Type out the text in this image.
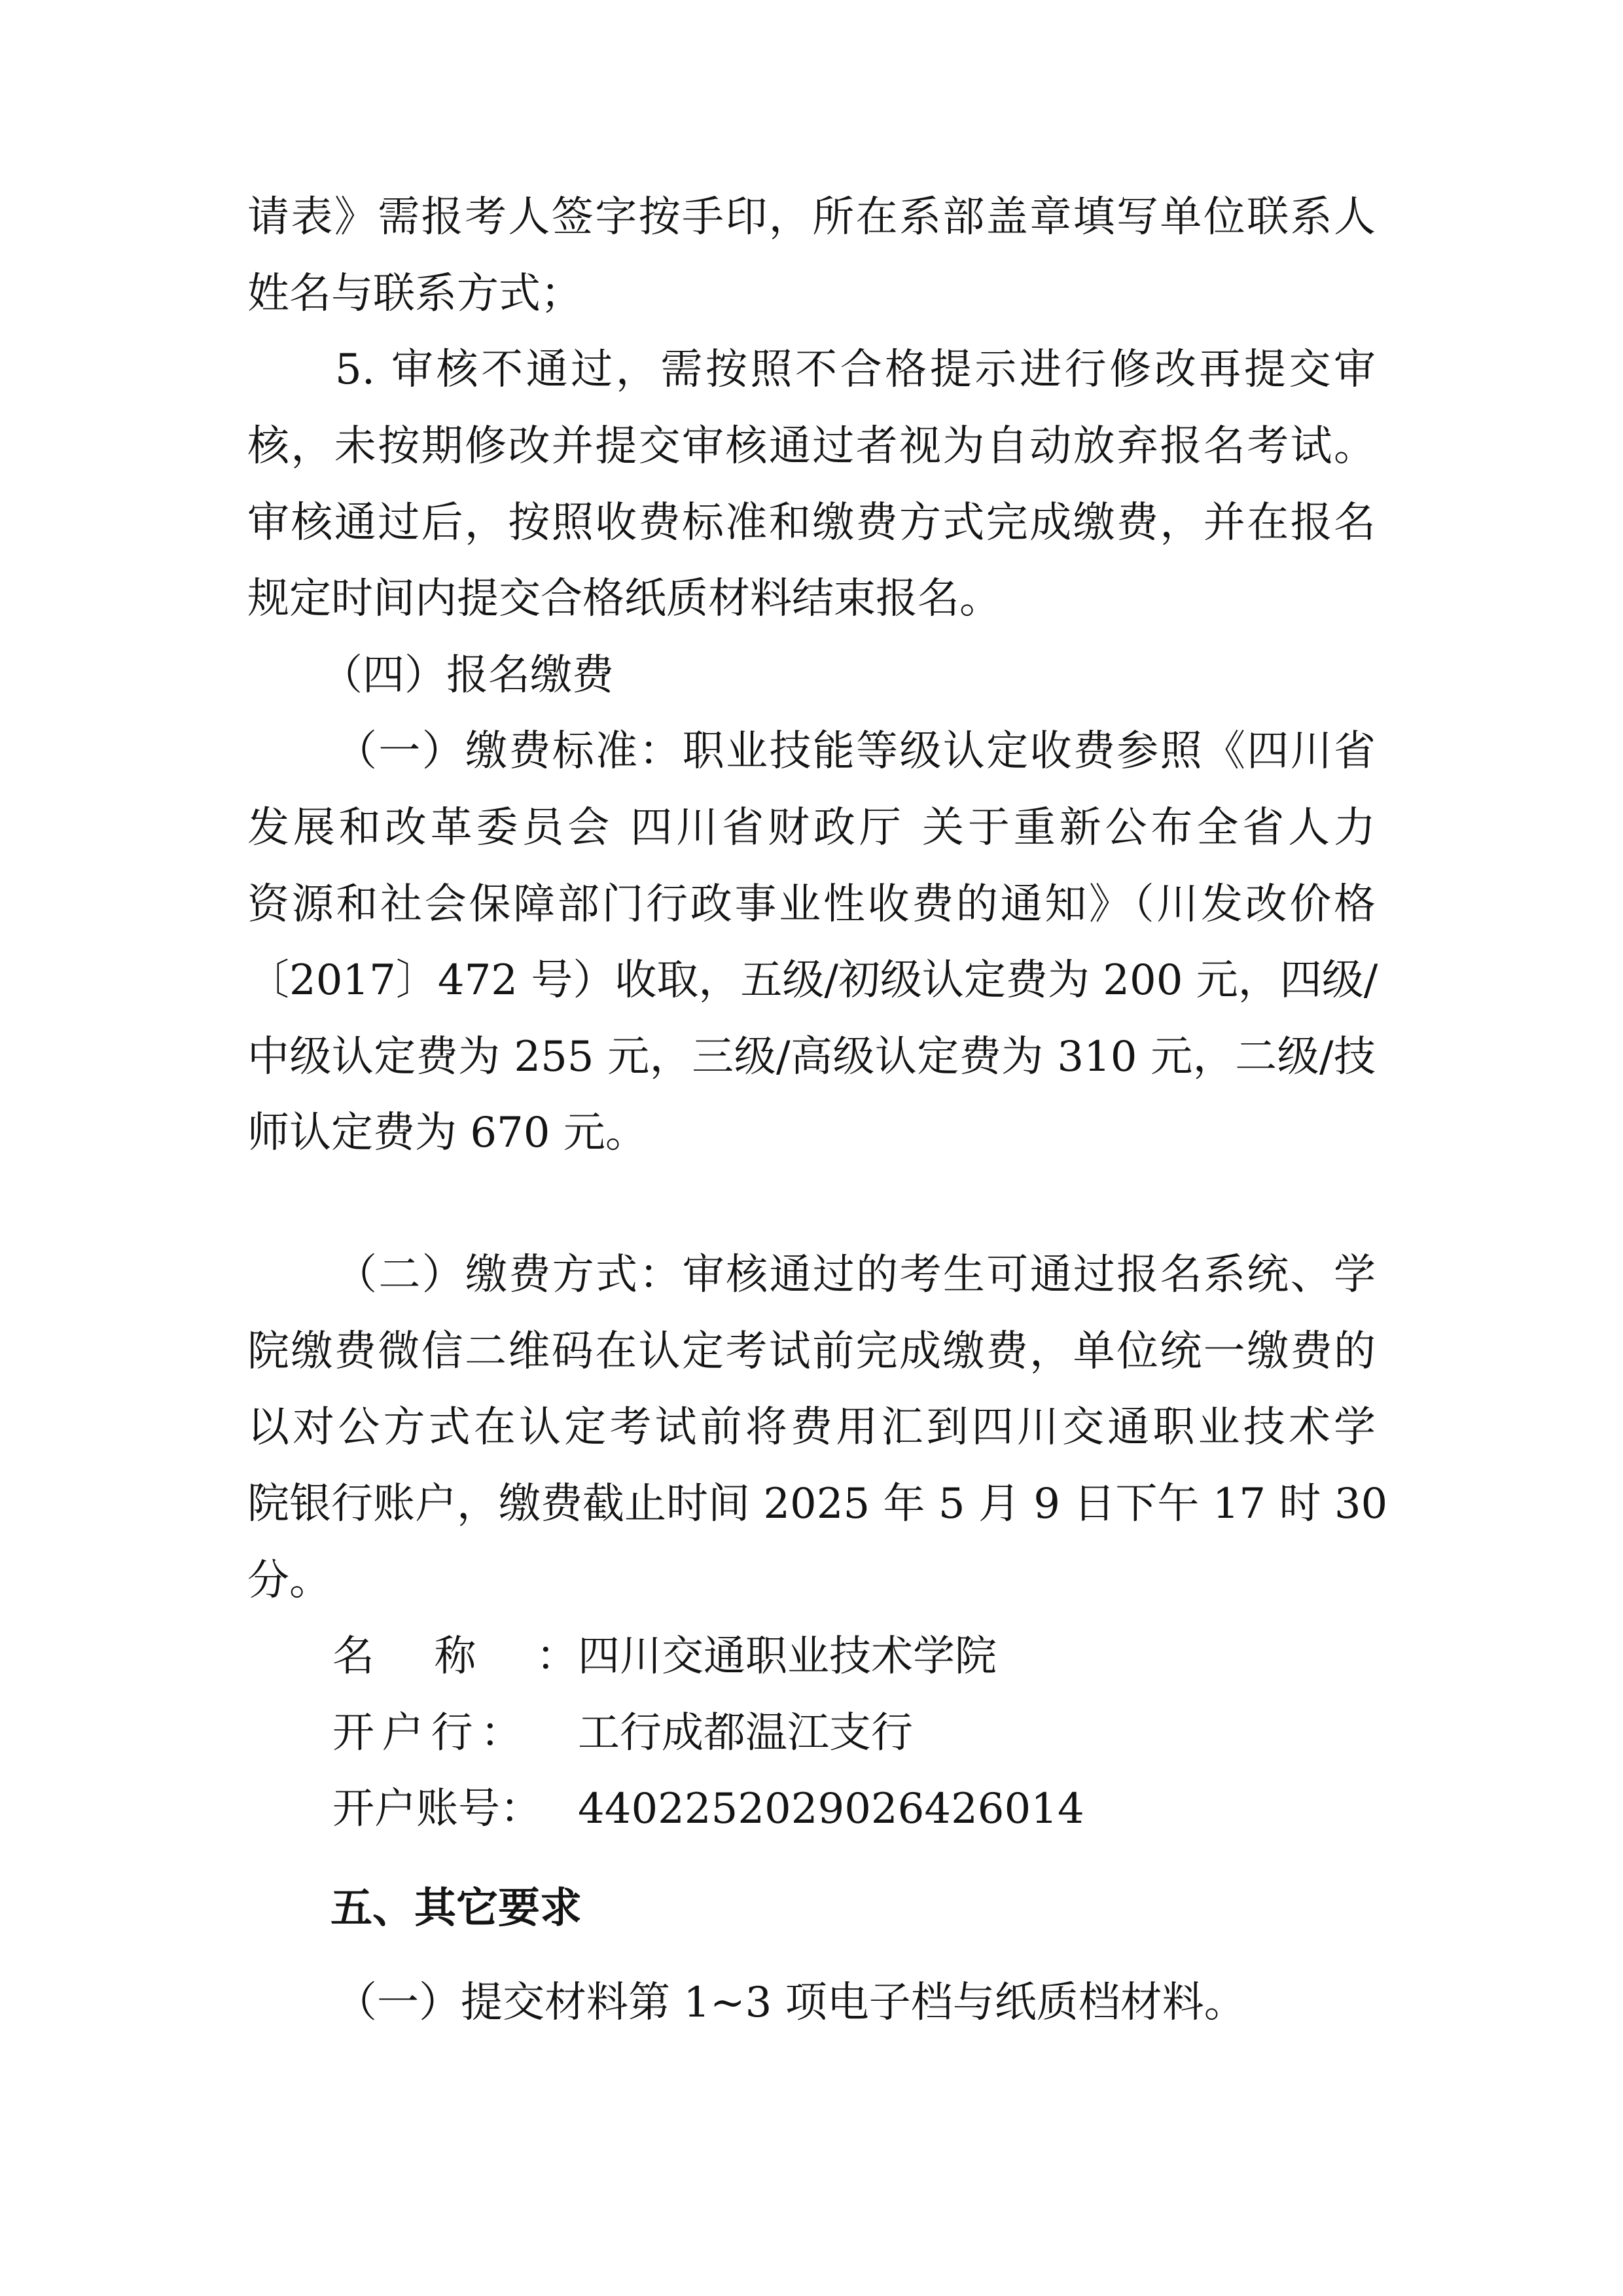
请表》需报考人签字按手印，所在系部盖章填写单位联系人

姓名与联系方式；

5. 审核不通过，需按照不合格提示进行修改再提交审

核，未按期修改并提交审核通过者视为自动放弃报名考试。

审核通过后，按照收费标准和缴费方式完成缴费，并在报名

规定时间内提交合格纸质材料结束报名。

（四）报名缴费

（一）缴费标准：职业技能等级认定收费参照《四川省

发展和改革委员会 四川省财政厅 关于重新公布全省人力

资源和社会保障部门行政事业性收费的通知》（川发改价格

〔2017〕472 号）收取，五级/初级认定费为 200 元，四级/

中级认定费为 255 元，三级/高级认定费为 310 元，二级/技

师认定费为 670 元。

（二）缴费方式：审核通过的考生可通过报名系统、学

院缴费微信二维码在认定考试前完成缴费，单位统一缴费的

以对公方式在认定考试前将费用汇到四川交通职业技术学

院银行账户，缴费截止时间 2025 年 5 月 9 日下午 17 时 30

分。

名称：四川交通职业技术学院
开户行： 工行成都温江支行
开户账号： 4402252029026426014

五、其它要求

（一）提交材料第 1~3 项电子档与纸质档材料。
